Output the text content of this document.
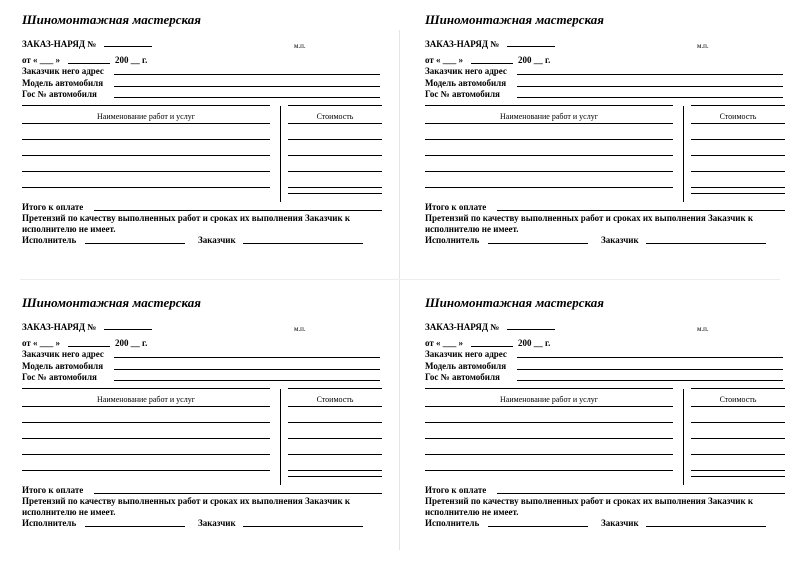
Шиномонтажная мастерская
ЗАКАЗ-НАРЯД №	м.п.
от « ___ »	200 __ г.
Заказчик него адрес
Модель автомобиля
Гос № автомобиля
Наименование работ и услуг	Стоимость
Итого к оплате
Претензий по качеству выполненных работ и сроках их выполнения Заказчик к
исполнителю не имеет.
Исполнитель	Заказчик
Шиномонтажная мастерская
ЗАКАЗ-НАРЯД №	м.п.
от « ___ »	200 __ г.
Заказчик него адрес
Модель автомобиля
Гос № автомобиля
Наименование работ и услуг	Стоимость
Итого к оплате
Претензий по качеству выполненных работ и сроках их выполнения Заказчик к
исполнителю не имеет.
Исполнитель	Заказчик
Шиномонтажная мастерская
ЗАКАЗ-НАРЯД №	м.п.
от « ___ »	200 __ г.
Заказчик него адрес
Модель автомобиля
Гос № автомобиля
Наименование работ и услуг	Стоимость
Итого к оплате
Претензий по качеству выполненных работ и сроках их выполнения Заказчик к
исполнителю не имеет.
Исполнитель	Заказчик
Шиномонтажная мастерская
ЗАКАЗ-НАРЯД №	м.п.
от « ___ »	200 __ г.
Заказчик него адрес
Модель автомобиля
Гос № автомобиля
Наименование работ и услуг	Стоимость
Итого к оплате
Претензий по качеству выполненных работ и сроках их выполнения Заказчик к
исполнителю не имеет.
Исполнитель	Заказчик
